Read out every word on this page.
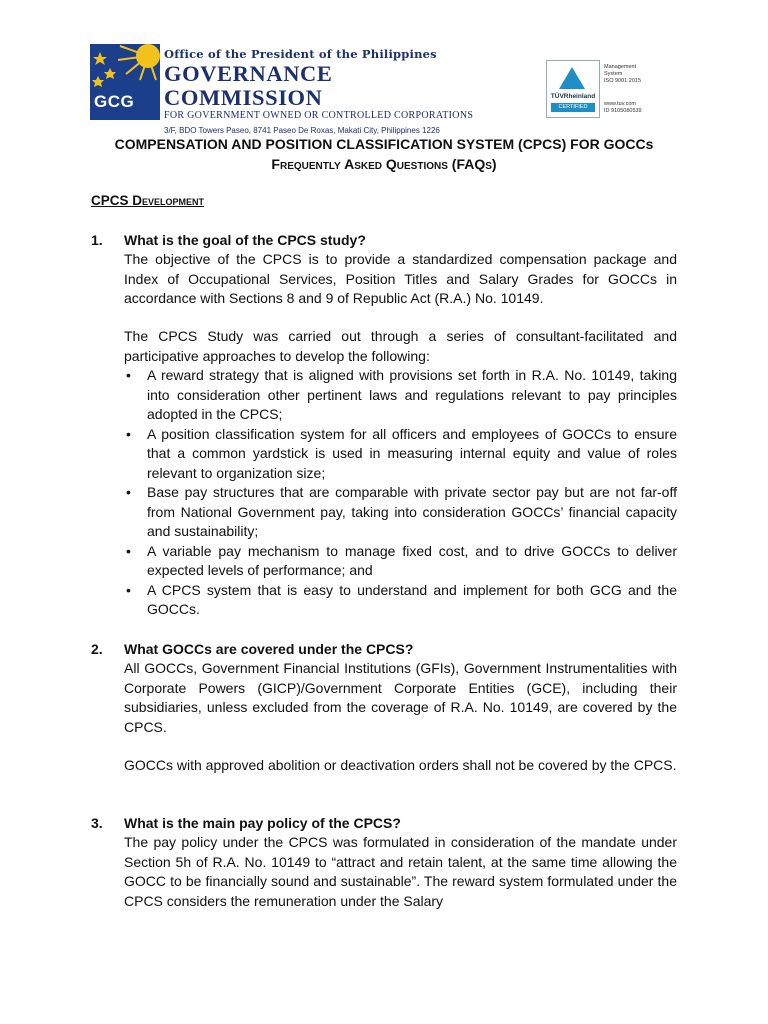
GCG
Office of the President of the Philippines
GOVERNANCE COMMISSION
FOR GOVERNMENT OWNED OR CONTROLLED CORPORATIONS
3/F, BDO Towers Paseo, 8741 Paseo De Roxas, Makati City, Philippines 1226
TÜVRheinland
CERTIFIED
Management
System
ISO 9001:2015
www.tuv.com
ID 9105080539
COMPENSATION AND POSITION CLASSIFICATION SYSTEM (CPCS) FOR GOCCs
Frequently Asked Questions (FAQs)
CPCS Development
1.	What is the goal of the CPCS study?

The objective of the CPCS is to provide a standardized compensation package and Index of Occupational Services, Position Titles and Salary Grades for GOCCs in accordance with Sections 8 and 9 of Republic Act (R.A.) No. 10149.

The CPCS Study was carried out through a series of consultant-facilitated and participative approaches to develop the following:

• A reward strategy that is aligned with provisions set forth in R.A. No. 10149, taking into consideration other pertinent laws and regulations relevant to pay principles adopted in the CPCS;
• A position classification system for all officers and employees of GOCCs to ensure that a common yardstick is used in measuring internal equity and value of roles relevant to organization size;
• Base pay structures that are comparable with private sector pay but are not far-off from National Government pay, taking into consideration GOCCs’ financial capacity and sustainability;
• A variable pay mechanism to manage fixed cost, and to drive GOCCs to deliver expected levels of performance; and
• A CPCS system that is easy to understand and implement for both GCG and the GOCCs.
2.	What GOCCs are covered under the CPCS?

All GOCCs, Government Financial Institutions (GFIs), Government Instrumentalities with Corporate Powers (GICP)/Government Corporate Entities (GCE), including their subsidiaries, unless excluded from the coverage of R.A. No. 10149, are covered by the CPCS.

GOCCs with approved abolition or deactivation orders shall not be covered by the CPCS.

3.	What is the main pay policy of the CPCS?

The pay policy under the CPCS was formulated in consideration of the mandate under Section 5h of R.A. No. 10149 to “attract and retain talent, at the same time allowing the GOCC to be financially sound and sustainable”. The reward system formulated under the CPCS considers the remuneration under the Salary
